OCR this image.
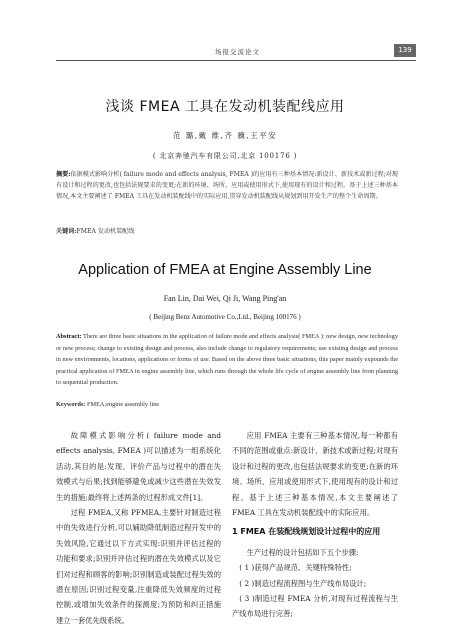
场报交流论文	139
浅谈 FMEA 工具在发动机装配线应用
范 璐,戴 维,齐 骥,王平安
( 北京奔驰汽车有限公司,北京 100176 )
摘要:依据模式影响分析( failure mode and effects analysis, FMEA )的应用有三种基本情况:新设计、新技术或新过程;对现有设计和过程的更改,也包括法规要求的变更;在新的环境、场所、应用或使用形式下,使用现有的设计和过程。基于上述三种基本情况,本文主要阐述了 FMEA 工具在发动机装配线中的实际应用,贯穿发动机装配线从规划到用开发生产的整个生命周期。
关键词:FMEA 发动机装配线
Application of FMEA at Engine Assembly Line
Fan Lin, Dai Wei, Qi Ji, Wang Ping'an
( Beijing Benz Automotive Co.,Ltd., Beijing 100176 )
Abstract: There are three basic situations in the application of failure mode and effects analysis( FMEA ): new design, new technology or new process; change to existing design and process, also include change to regulatory requirements; use existing design and process in new environments, locations, applications or forms of use. Based on the above three basic situations, this paper mainly expounds the practical application of FMEA in engine assembly line, which runs through the whole life cycle of engine assembly line from planning to sequential production.
Keywords: FMEA;engine assembly line

故障模式影响分析( failure mode and effects analysis, FMEA )可以描述为一组系统化活动,其目的是:发现、评价产品与过程中的潜在失效模式与后果;找到能够避免或减少这些潜在失效发生的措施;最终将上述两条的过程形成文件[1]。

过程 FMEA,又称 PFMEA,主要针对制造过程中的失效进行分析,可以辅助降低制造过程开发中的失效风险,它通过以下方式实现:识别并评估过程的功能和要求;识别并评估过程的潜在失效模式以及它们对过程和顾客的影响;识别制造或装配过程失效的潜在原因;识别过程变量,注重降低失效频度的过程控制,或增加失效条件的探测度;为预防和纠正措施建立一套优先级系统。

应用 FMEA 主要有三种基本情况,每一种都有不同的范围或重点:新设计、新技术或新过程;对现有设计和过程的更改,也包括法规要求的变更;在新的环境、场所、应用或使用形式下,使用现有的设计和过程。基于上述三种基本情况,本文主要阐述了 FMEA 工具在发动机装配线中的实际应用。

1 FMEA 在装配线规划设计过程中的应用

生产过程的设计包括如下五个步骤:

( 1 )获得产品规范、关键特殊特性;

( 2 )制造过程流程图与生产线布局设计;

( 3 )制造过程 FMEA 分析,对现有过程流程与生产线布局进行完善;
